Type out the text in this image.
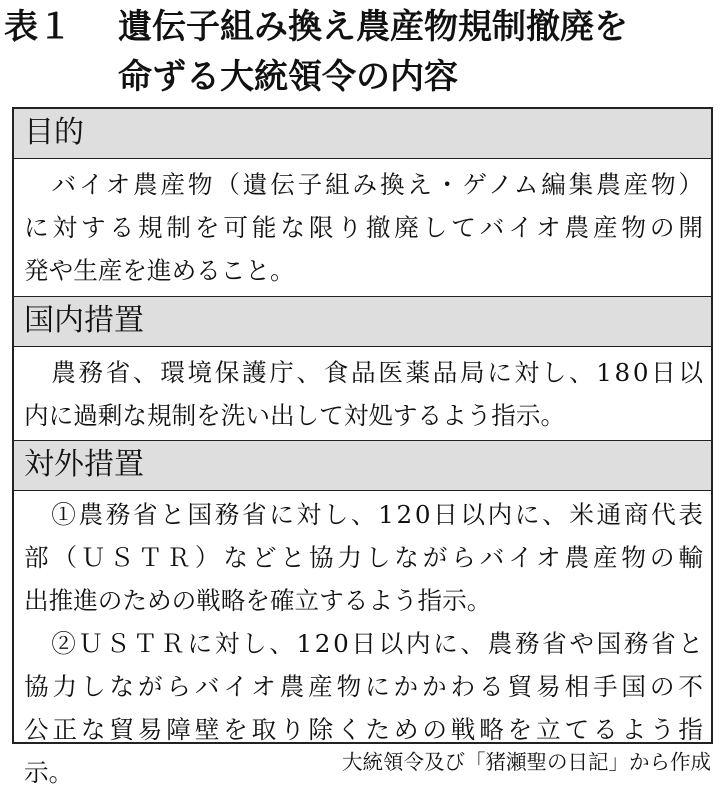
表１	遺伝子組み換え農産物規制撤廃を
命ずる大統領令の内容
目的
　バイオ農産物（遺伝子組み換え・ゲノム編集農産物）
に対する規制を可能な限り撤廃してバイオ農産物の開
発や生産を進めること。
国内措置
　農務省、環境保護庁、食品医薬品局に対し、180日以
内に過剰な規制を洗い出して対処するよう指示。
対外措置
　①農務省と国務省に対し、120日以内に、米通商代表
部（ＵＳＴＲ）などと協力しながらバイオ農産物の輸
出推進のための戦略を確立するよう指示。
　②ＵＳＴＲに対し、120日以内に、農務省や国務省と
協力しながらバイオ農産物にかかわる貿易相手国の不
公正な貿易障壁を取り除くための戦略を立てるよう指
示。	大統領令及び「猪瀬聖の日記」から作成
